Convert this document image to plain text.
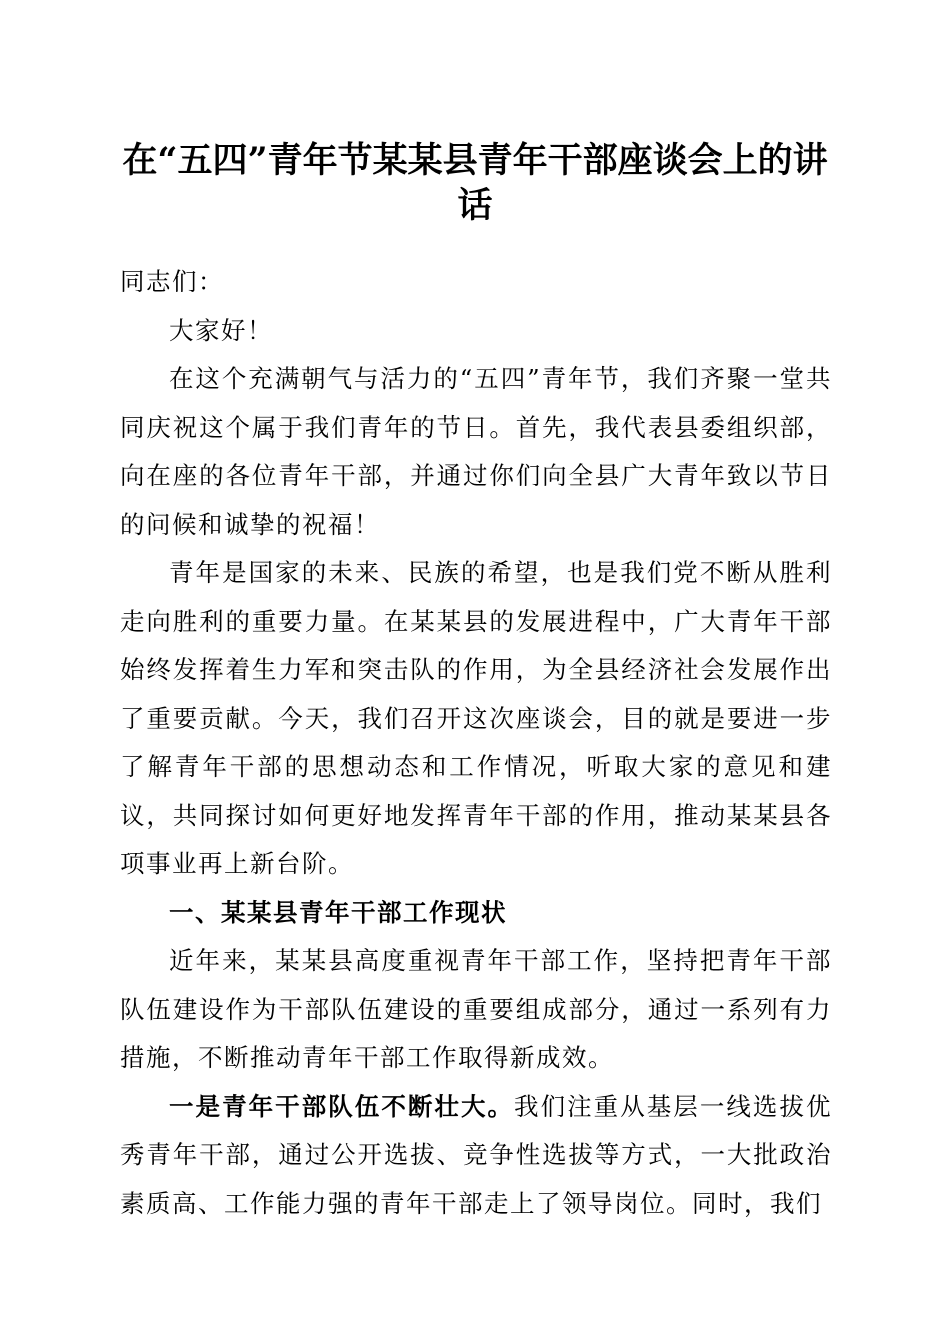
在“五四”青年节某某县青年干部座谈会上的讲话

同志们：

大家好！

在这个充满朝气与活力的“五四”青年节，我们齐聚一堂共同庆祝这个属于我们青年的节日。首先，我代表县委组织部，向在座的各位青年干部，并通过你们向全县广大青年致以节日的问候和诚挚的祝福！

青年是国家的未来、民族的希望，也是我们党不断从胜利走向胜利的重要力量。在某某县的发展进程中，广大青年干部始终发挥着生力军和突击队的作用，为全县经济社会发展作出了重要贡献。今天，我们召开这次座谈会，目的就是要进一步了解青年干部的思想动态和工作情况，听取大家的意见和建议，共同探讨如何更好地发挥青年干部的作用，推动某某县各项事业再上新台阶。

一、某某县青年干部工作现状

近年来，某某县高度重视青年干部工作，坚持把青年干部队伍建设作为干部队伍建设的重要组成部分，通过一系列有力措施，不断推动青年干部工作取得新成效。

一是青年干部队伍不断壮大。我们注重从基层一线选拔优秀青年干部，通过公开选拔、竞争性选拔等方式，一大批政治素质高、工作能力强的青年干部走上了领导岗位。同时，我们
